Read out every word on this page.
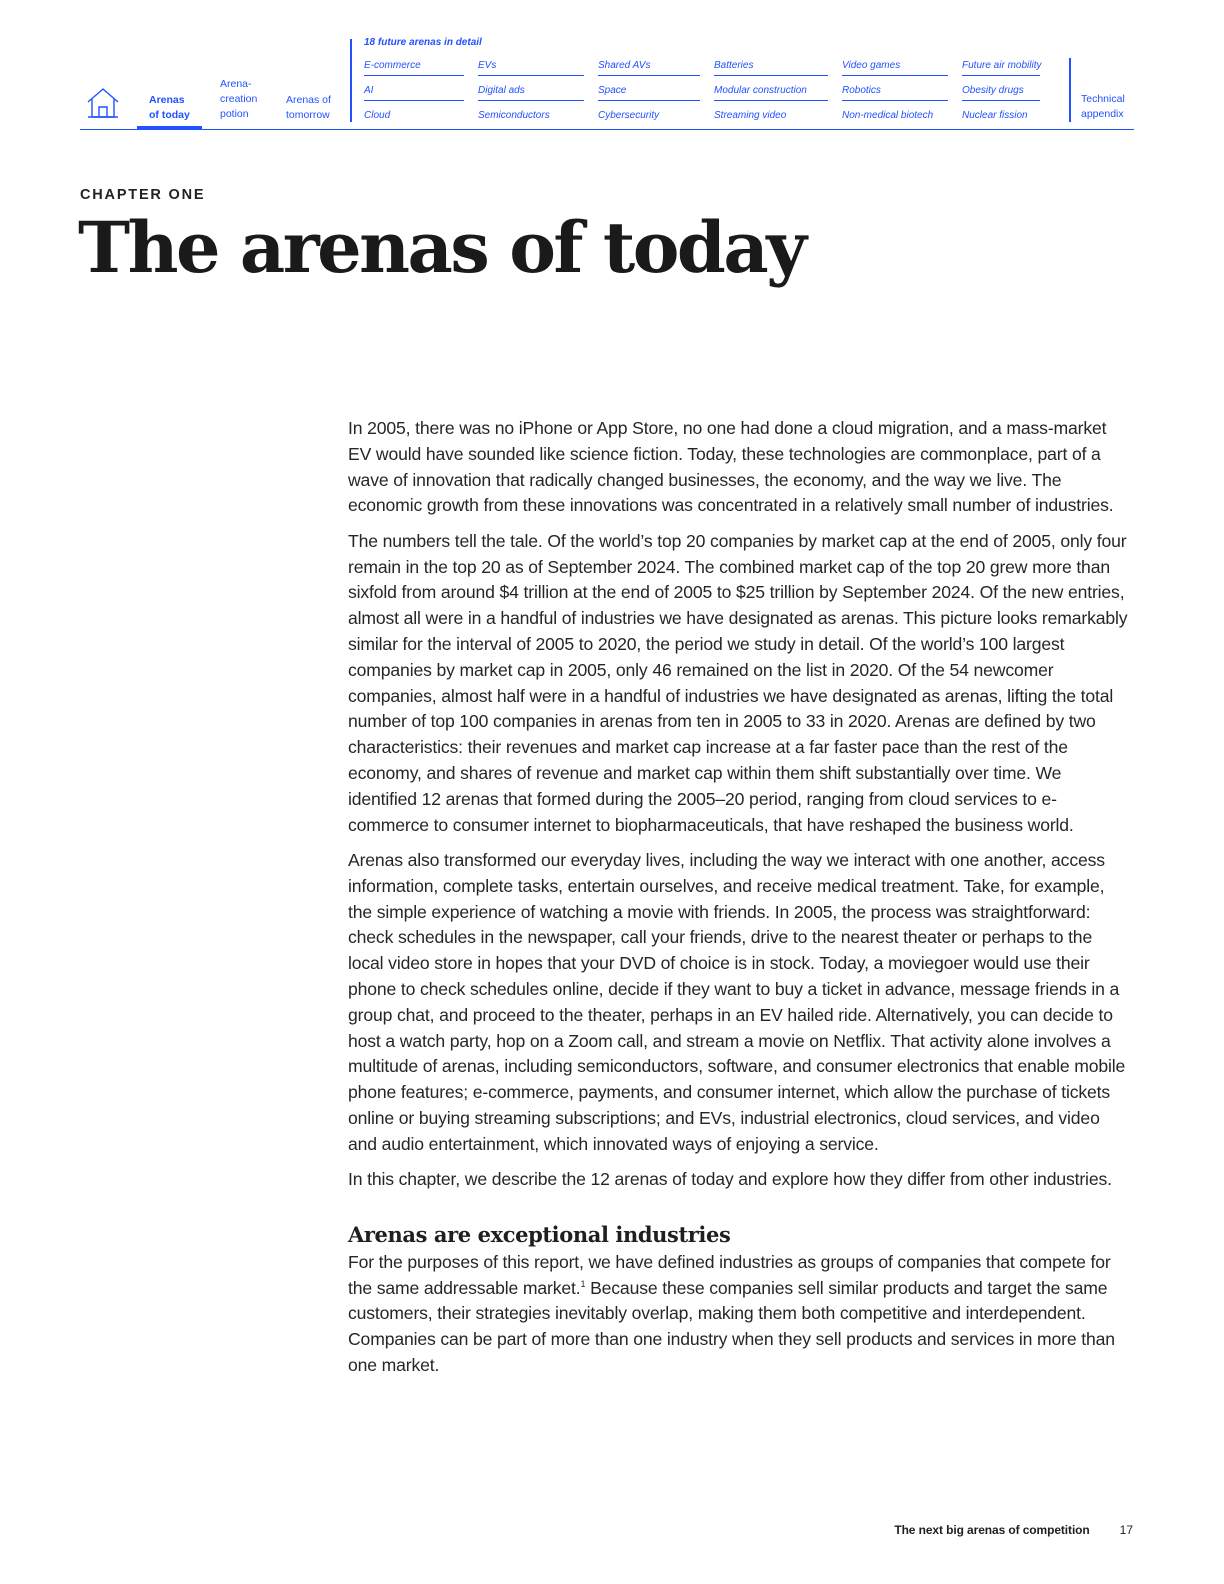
Arenas
of today
Arena-
creation
potion
Arenas of
tomorrow
18 future arenas in detail
E-commerce	EVs	Shared AVs	Batteries	Video games	Future air mobility
AI	Digital ads	Space	Modular construction	Robotics	Obesity drugs
Cloud	Semiconductors	Cybersecurity	Streaming video	Non-medical biotech	Nuclear fission
Technical
appendix
CHAPTER ONE
The arenas of today

In 2005, there was no iPhone or App Store, no one had done a cloud migration, and a mass-market EV would have sounded like science fiction. Today, these technologies are commonplace, part of a wave of innovation that radically changed businesses, the economy, and the way we live. The economic growth from these innovations was concentrated in a relatively small number of industries.

The numbers tell the tale. Of the world’s top 20 companies by market cap at the end of 2005, only four remain in the top 20 as of September 2024. The combined market cap of the top 20 grew more than sixfold from around $4 trillion at the end of 2005 to $25 trillion by September 2024. Of the new entries, almost all were in a handful of industries we have designated as arenas. This picture looks remarkably similar for the interval of 2005 to 2020, the period we study in detail. Of the world’s 100 largest companies by market cap in 2005, only 46 remained on the list in 2020. Of the 54 newcomer companies, almost half were in a handful of industries we have designated as arenas, lifting the total number of top 100 companies in arenas from ten in 2005 to 33 in 2020. Arenas are defined by two characteristics: their revenues and market cap increase at a far faster pace than the rest of the economy, and shares of revenue and market cap within them shift substantially over time. We identified 12 arenas that formed during the 2005–20 period, ranging from cloud services to e-commerce to consumer internet to biopharmaceuticals, that have reshaped the business world.

Arenas also transformed our everyday lives, including the way we interact with one another, access information, complete tasks, entertain ourselves, and receive medical treatment. Take, for example, the simple experience of watching a movie with friends. In 2005, the process was straightforward: check schedules in the newspaper, call your friends, drive to the nearest theater or perhaps to the local video store in hopes that your DVD of choice is in stock. Today, a moviegoer would use their phone to check schedules online, decide if they want to buy a ticket in advance, message friends in a group chat, and proceed to the theater, perhaps in an EV hailed ride. Alternatively, you can decide to host a watch party, hop on a Zoom call, and stream a movie on Netflix. That activity alone involves a multitude of arenas, including semiconductors, software, and consumer electronics that enable mobile phone features; e-commerce, payments, and consumer internet, which allow the purchase of tickets online or buying streaming subscriptions; and EVs, industrial electronics, cloud services, and video and audio entertainment, which innovated ways of enjoying a service.

In this chapter, we describe the 12 arenas of today and explore how they differ from other industries.

Arenas are exceptional industries

For the purposes of this report, we have defined industries as groups of companies that compete for the same addressable market.$^1$ Because these companies sell similar products and target the same customers, their strategies inevitably overlap, making them both competitive and interdependent. Companies can be part of more than one industry when they sell products and services in more than one market.

The next big arenas of competition	17
